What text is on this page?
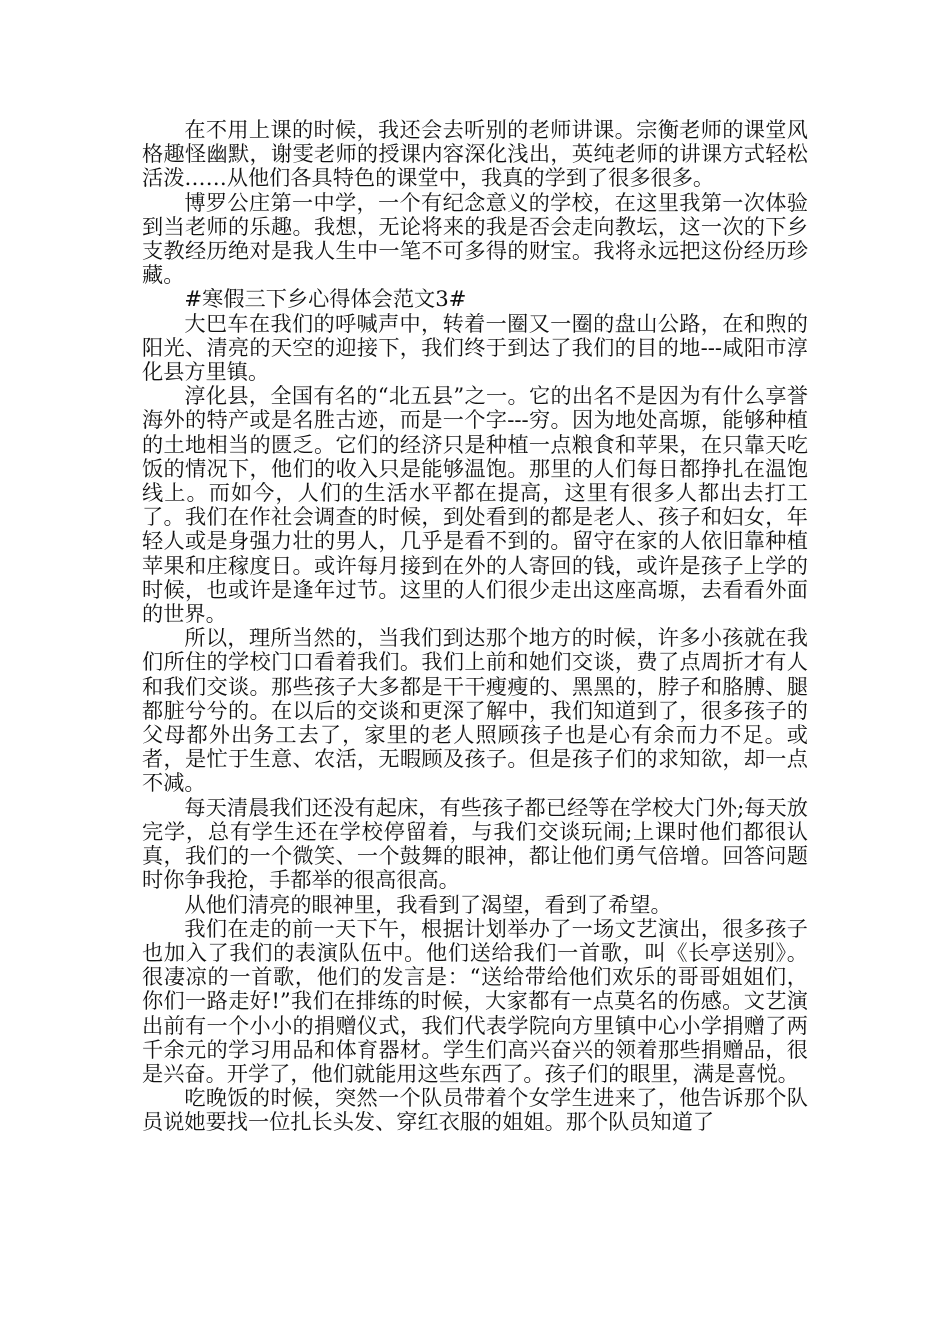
在不用上课的时候，我还会去听别的老师讲课。宗衡老师的课堂风格趣怪幽默，谢雯老师的授课内容深化浅出，英纯老师的讲课方式轻松活泼……从他们各具特色的课堂中，我真的学到了很多很多。

博罗公庄第一中学，一个有纪念意义的学校，在这里我第一次体验到当老师的乐趣。我想，无论将来的我是否会走向教坛，这一次的下乡支教经历绝对是我人生中一笔不可多得的财宝。我将永远把这份经历珍藏。

#寒假三下乡心得体会范文3#

大巴车在我们的呼喊声中，转着一圈又一圈的盘山公路，在和煦的阳光、清亮的天空的迎接下，我们终于到达了我们的目的地---咸阳市淳化县方里镇。

淳化县，全国有名的“北五县”之一。它的出名不是因为有什么享誉海外的特产或是名胜古迹，而是一个字---穷。因为地处高塬，能够种植的土地相当的匮乏。它们的经济只是种植一点粮食和苹果，在只靠天吃饭的情况下，他们的收入只是能够温饱。那里的人们每日都挣扎在温饱线上。而如今，人们的生活水平都在提高，这里有很多人都出去打工了。我们在作社会调查的时候，到处看到的都是老人、孩子和妇女，年轻人或是身强力壮的男人，几乎是看不到的。留守在家的人依旧靠种植苹果和庄稼度日。或许每月接到在外的人寄回的钱，或许是孩子上学的时候，也或许是逢年过节。这里的人们很少走出这座高塬，去看看外面的世界。

所以，理所当然的，当我们到达那个地方的时候，许多小孩就在我们所住的学校门口看着我们。我们上前和她们交谈，费了点周折才有人和我们交谈。那些孩子大多都是干干瘦瘦的、黑黑的，脖子和胳膊、腿都脏兮兮的。在以后的交谈和更深了解中，我们知道到了，很多孩子的父母都外出务工去了，家里的老人照顾孩子也是心有余而力不足。或者，是忙于生意、农活，无暇顾及孩子。但是孩子们的求知欲，却一点不减。

每天清晨我们还没有起床，有些孩子都已经等在学校大门外;每天放完学，总有学生还在学校停留着，与我们交谈玩闹;上课时他们都很认真，我们的一个微笑、一个鼓舞的眼神，都让他们勇气倍增。回答问题时你争我抢，手都举的很高很高。

从他们清亮的眼神里，我看到了渴望，看到了希望。

我们在走的前一天下午，根据计划举办了一场文艺演出，很多孩子也加入了我们的表演队伍中。他们送给我们一首歌，叫《长亭送别》。很凄凉的一首歌，他们的发言是：“送给带给他们欢乐的哥哥姐姐们，你们一路走好!”我们在排练的时候，大家都有一点莫名的伤感。文艺演出前有一个小小的捐赠仪式，我们代表学院向方里镇中心小学捐赠了两千余元的学习用品和体育器材。学生们高兴奋兴的领着那些捐赠品，很是兴奋。开学了，他们就能用这些东西了。孩子们的眼里，满是喜悦。

吃晚饭的时候，突然一个队员带着个女学生进来了，他告诉那个队员说她要找一位扎长头发、穿红衣服的姐姐。那个队员知道了
